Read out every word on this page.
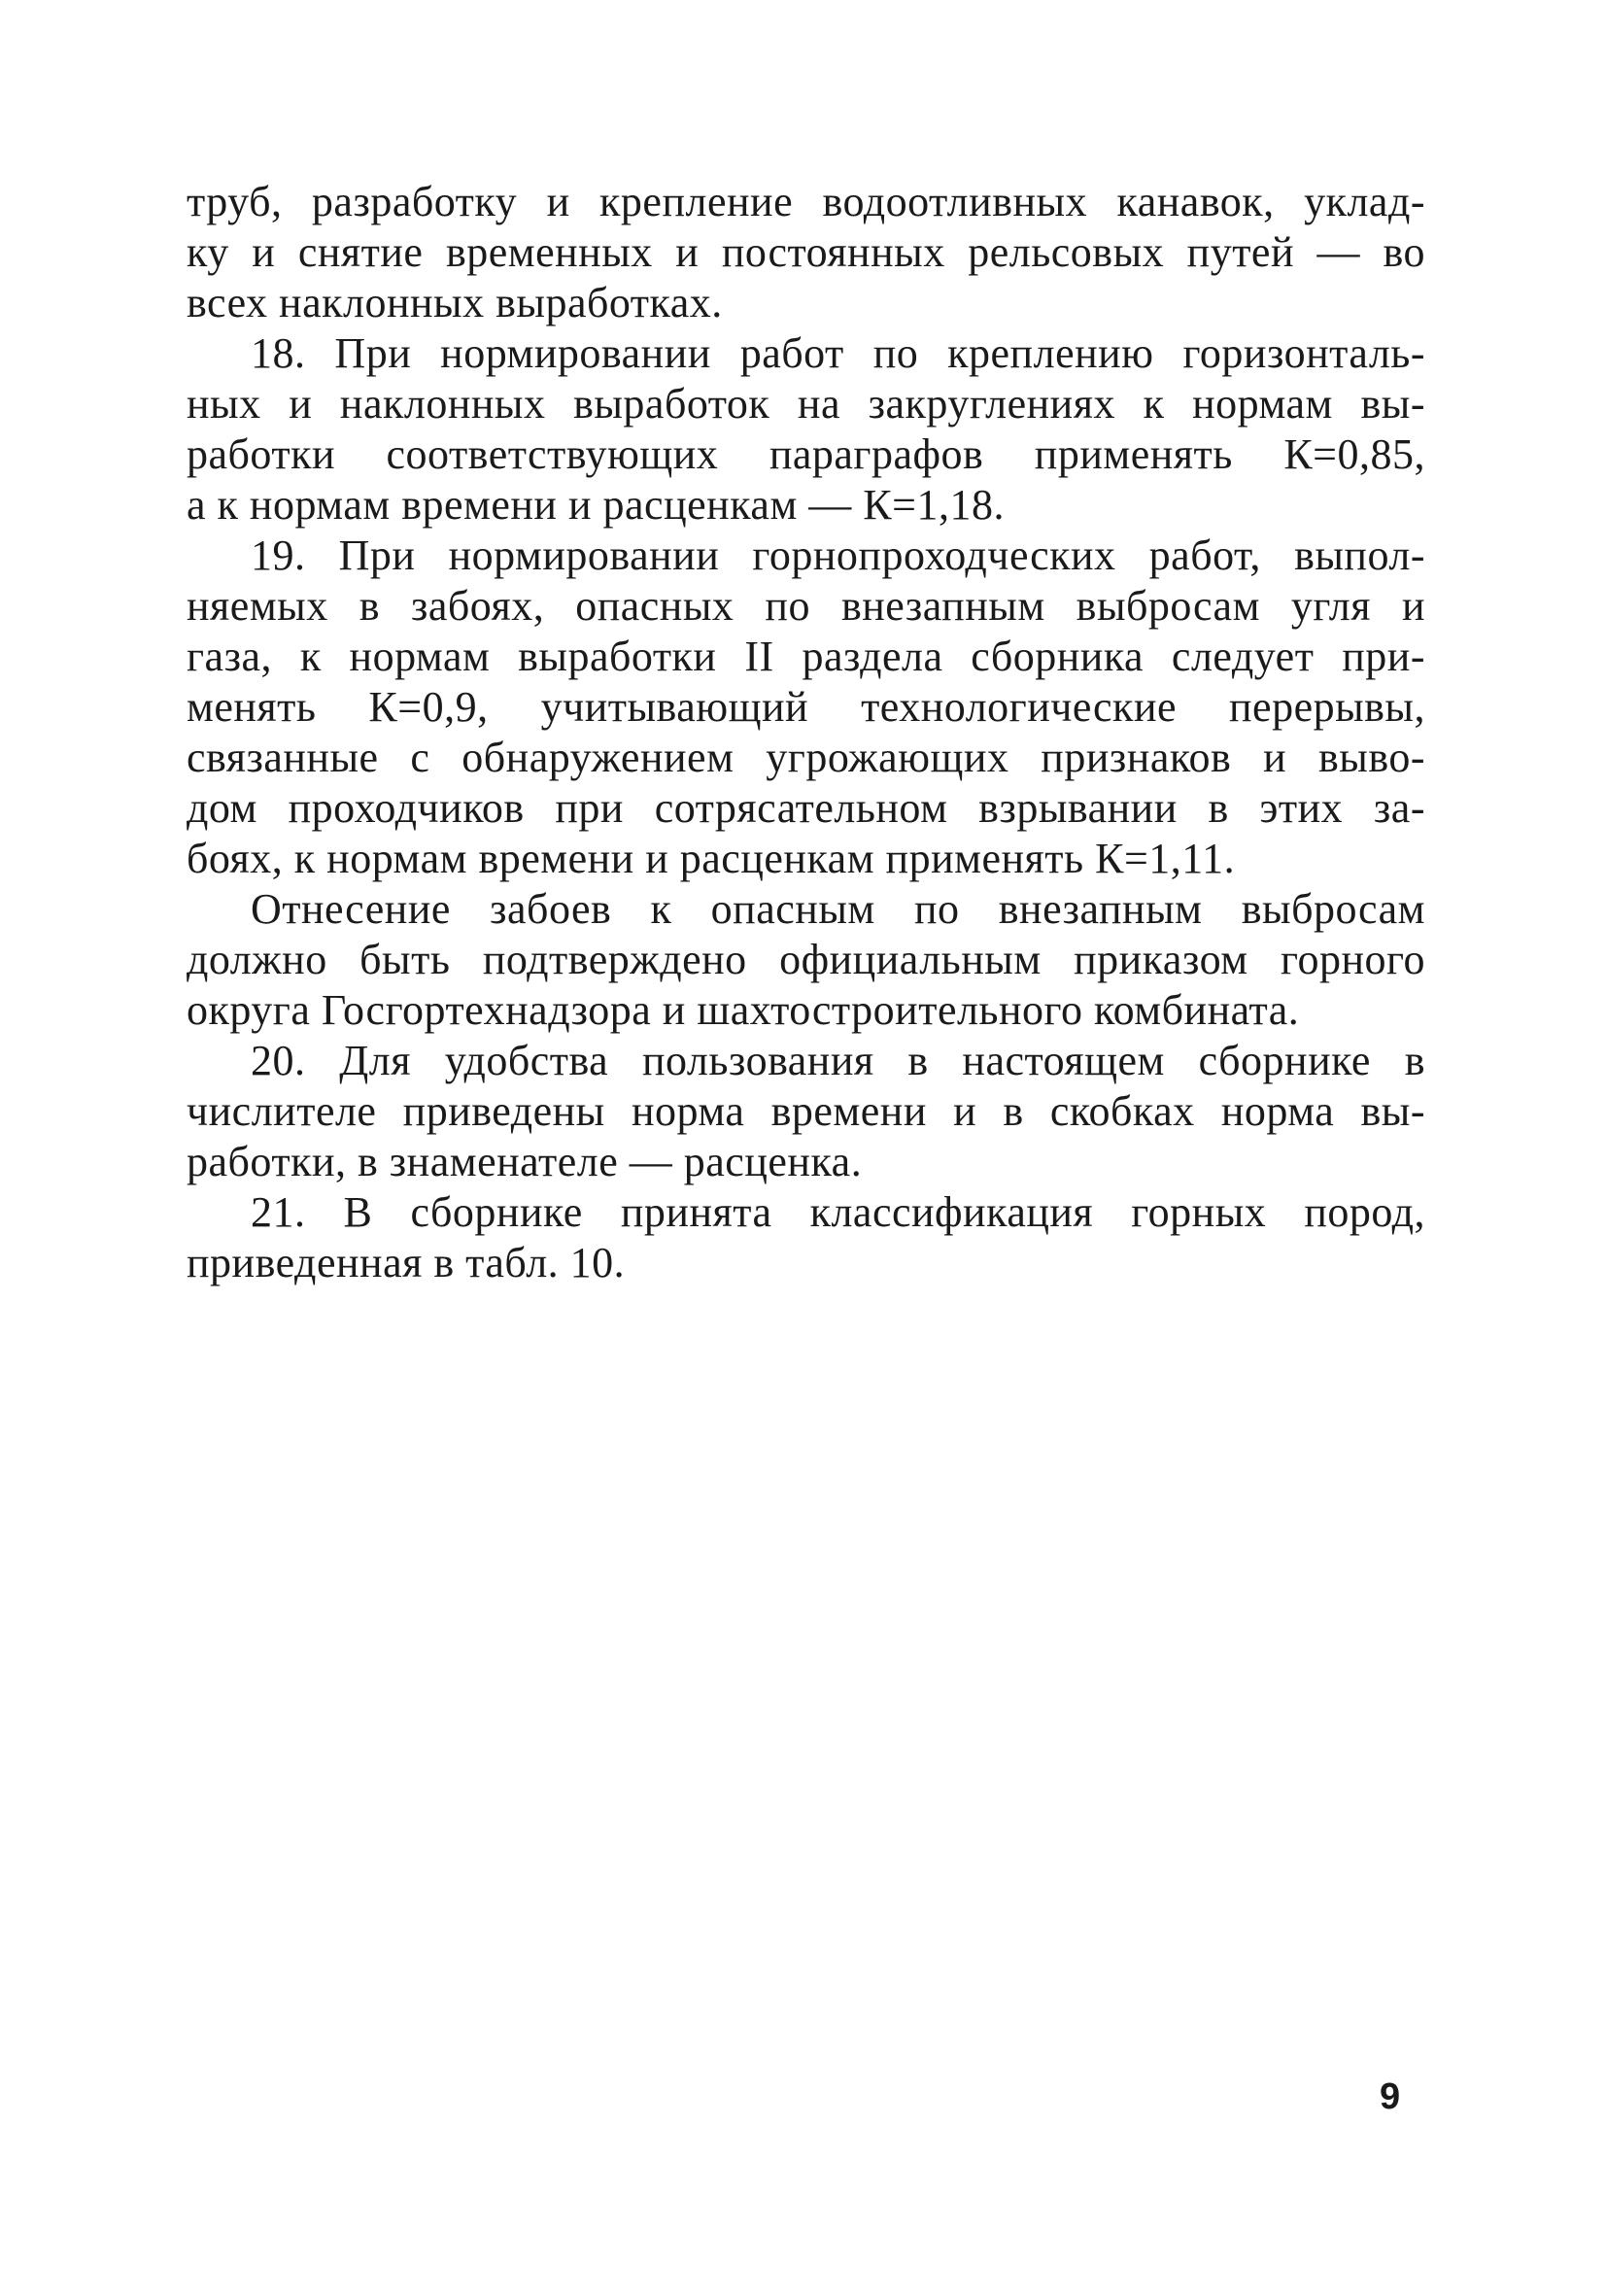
труб, разработку и крепление водоотливных канавок, уклад-
ку и снятие временных и постоянных рельсовых путей — во
всех наклонных выработках.

18. При нормировании работ по креплению горизонталь-
ных и наклонных выработок на закруглениях к нормам вы-
работки соответствующих параграфов применять К=0,85,
а к нормам времени и расценкам — К=1,18.

19. При нормировании горнопроходческих работ, выпол-
няемых в забоях, опасных по внезапным выбросам угля и
газа, к нормам выработки II раздела сборника следует при-
менять К=0,9, учитывающий технологические перерывы,
связанные с обнаружением угрожающих признаков и выво-
дом проходчиков при сотрясательном взрывании в этих за-
боях, к нормам времени и расценкам применять К=1,11.

Отнесение забоев к опасным по внезапным выбросам
должно быть подтверждено официальным приказом горного
округа Госгортехнадзора и шахтостроительного комбината.

20. Для удобства пользования в настоящем сборнике в
числителе приведены норма времени и в скобках норма вы-
работки, в знаменателе — расценка.

21. В сборнике принята классификация горных пород,
приведенная в табл. 10.

9
